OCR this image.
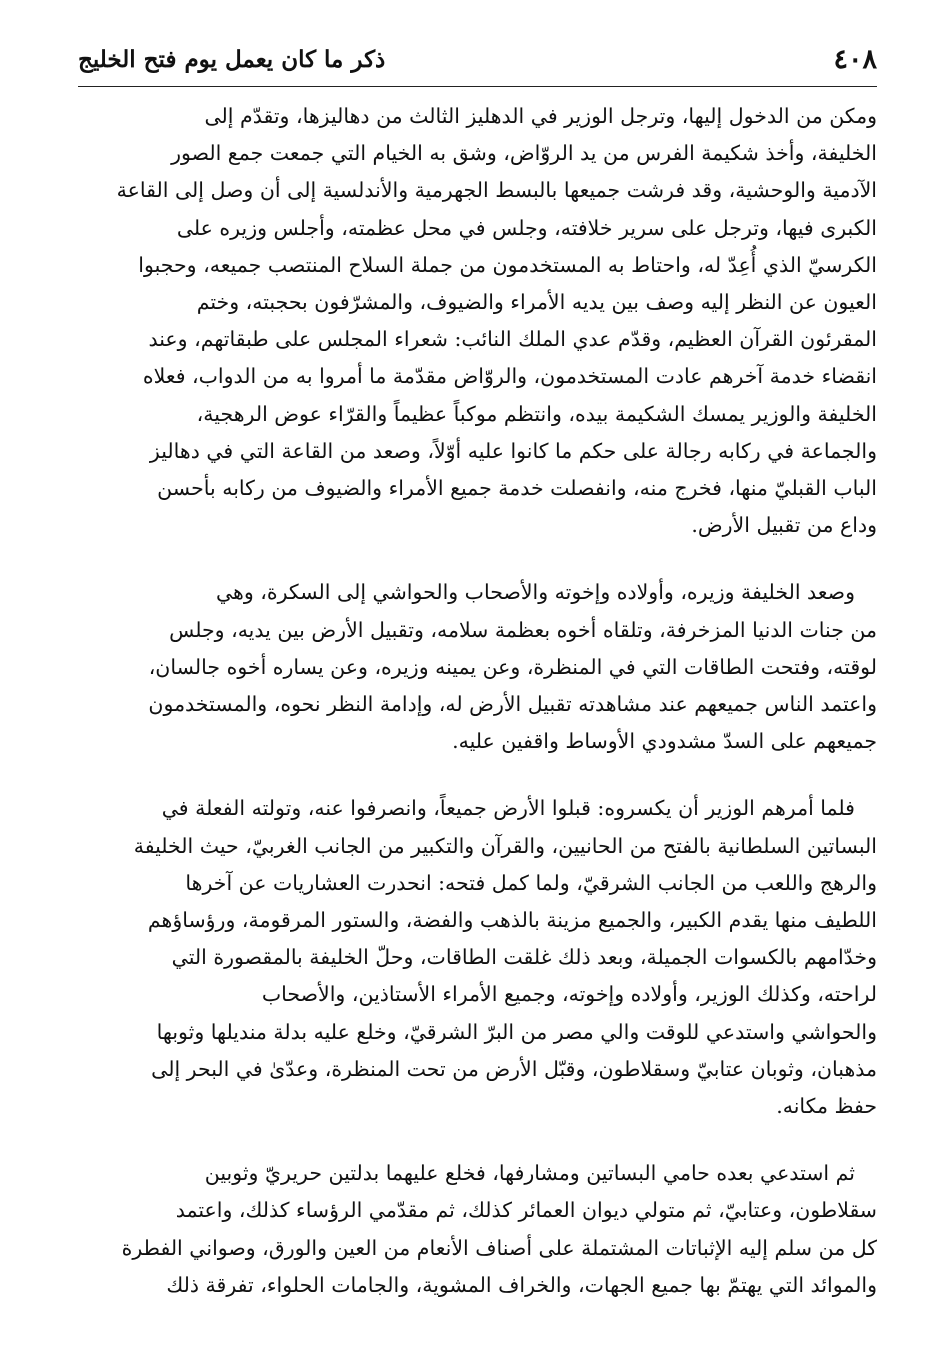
٤٠٨
ذكر ما كان يعمل يوم فتح الخليج

ومكن من الدخول إليها، وترجل الوزير في الدهليز الثالث من دهاليزها، وتقدّم إلى
الخليفة، وأخذ شكيمة الفرس من يد الروّاض، وشق به الخيام التي جمعت جمع الصور
الآدمية والوحشية، وقد فرشت جميعها بالبسط الجهرمية والأندلسية إلى أن وصل إلى القاعة
الكبرى فيها، وترجل على سرير خلافته، وجلس في محل عظمته، وأجلس وزيره على
الكرسيّ الذي أُعِدّ له، واحتاط به المستخدمون من جملة السلاح المنتصب جميعه، وحجبوا
العيون عن النظر إليه وصف بين يديه الأمراء والضيوف، والمشرّفون بحجبته، وختم
المقرئون القرآن العظيم، وقدّم عدي الملك النائب: شعراء المجلس على طبقاتهم، وعند
انقضاء خدمة آخرهم عادت المستخدمون، والروّاض مقدّمة ما أمروا به من الدواب، فعلاه
الخليفة والوزير يمسك الشكيمة بيده، وانتظم موكباً عظيماً والقرّاء عوض الرهجية،
والجماعة في ركابه رجالة على حكم ما كانوا عليه أوّلاً، وصعد من القاعة التي في دهاليز
الباب القبليّ منها، فخرج منه، وانفصلت خدمة جميع الأمراء والضيوف من ركابه بأحسن
وداع من تقبيل الأرض.

وصعد الخليفة وزيره، وأولاده وإخوته والأصحاب والحواشي إلى السكرة، وهي
من جنات الدنيا المزخرفة، وتلقاه أخوه بعظمة سلامه، وتقبيل الأرض بين يديه، وجلس
لوقته، وفتحت الطاقات التي في المنظرة، وعن يمينه وزيره، وعن يساره أخوه جالسان،
واعتمد الناس جميعهم عند مشاهدته تقبيل الأرض له، وإدامة النظر نحوه، والمستخدمون
جميعهم على السدّ مشدودي الأوساط واقفين عليه.

فلما أمرهم الوزير أن يكسروه: قبلوا الأرض جميعاً، وانصرفوا عنه، وتولته الفعلة في
البساتين السلطانية بالفتح من الحانيين، والقرآن والتكبير من الجانب الغربيّ، حيث الخليفة
والرهج واللعب من الجانب الشرقيّ، ولما كمل فتحه: انحدرت العشاريات عن آخرها
اللطيف منها يقدم الكبير، والجميع مزينة بالذهب والفضة، والستور المرقومة، ورؤساؤهم
وخدّامهم بالكسوات الجميلة، وبعد ذلك غلقت الطاقات، وحلّ الخليفة بالمقصورة التي
لراحته، وكذلك الوزير، وأولاده وإخوته، وجميع الأمراء الأستاذين، والأصحاب
والحواشي واستدعي للوقت والي مصر من البرّ الشرقيّ، وخلع عليه بدلة منديلها وثوبها
مذهبان، وثوبان عتابيّ وسقلاطون، وقبّل الأرض من تحت المنظرة، وعدّىٰ في البحر إلى
حفظ مكانه.

ثم استدعي بعده حامي البساتين ومشارفها، فخلع عليهما بدلتين حريريّ وثوبين
سقلاطون، وعتابيّ، ثم متولي ديوان العمائر كذلك، ثم مقدّمي الرؤساء كذلك، واعتمد
كل من سلم إليه الإثباتات المشتملة على أصناف الأنعام من العين والورق، وصواني الفطرة
والموائد التي يهتمّ بها جميع الجهات، والخراف المشوية، والجامات الحلواء، تفرقة ذلك
